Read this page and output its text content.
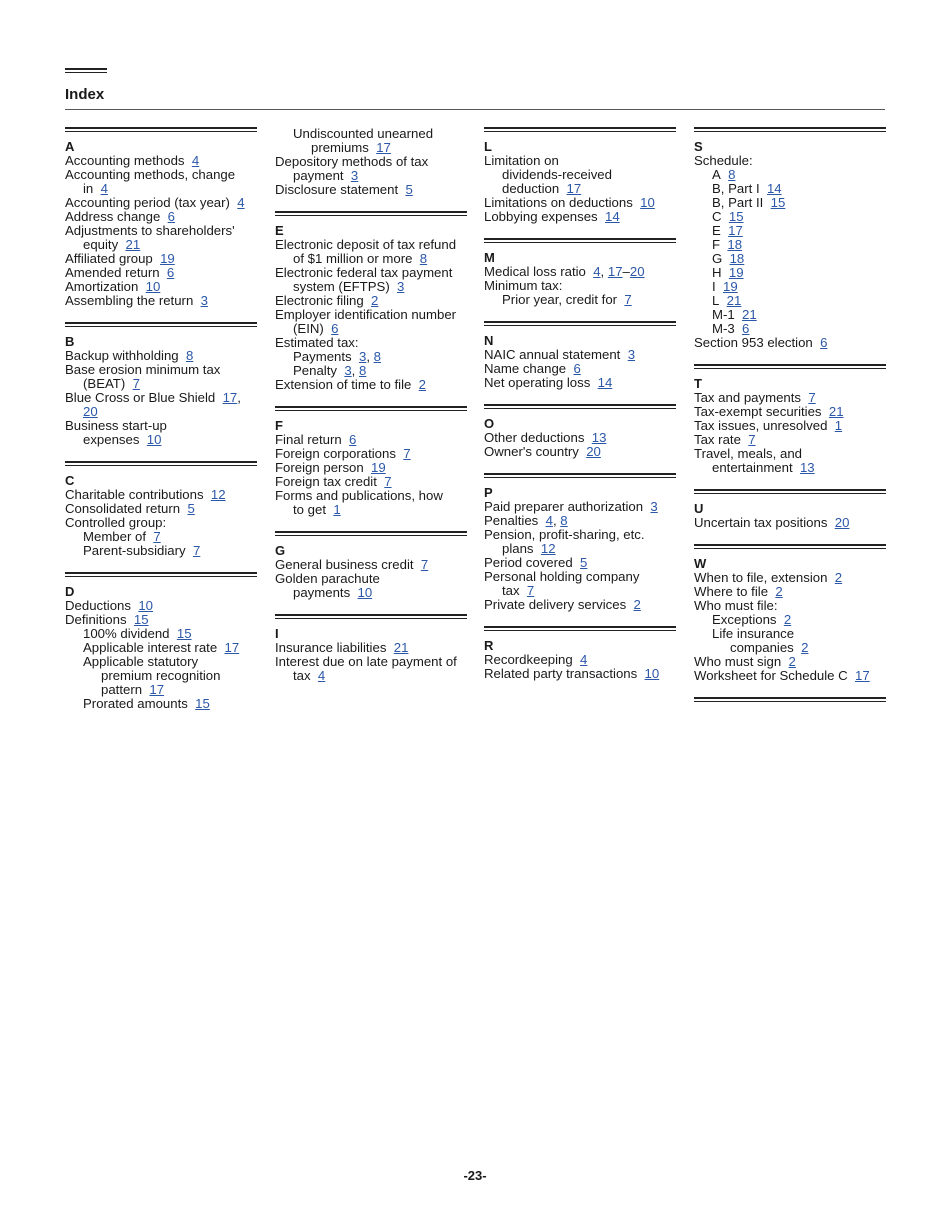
Index
A
Accounting methods 4
Accounting methods, change
in 4
Accounting period (tax year) 4
Address change 6
Adjustments to shareholders'
equity 21
Affiliated group 19
Amended return 6
Amortization 10
Assembling the return 3
B
Backup withholding 8
Base erosion minimum tax
(BEAT) 7
Blue Cross or Blue Shield 17,
20
Business start-up
expenses 10
C
Charitable contributions 12
Consolidated return 5
Controlled group:
Member of 7
Parent-subsidiary 7
D
Deductions 10
Definitions 15
100% dividend 15
Applicable interest rate 17
Applicable statutory
premium recognition
pattern 17
Prorated amounts 15
Undiscounted unearned
premiums 17
Depository methods of tax
payment 3
Disclosure statement 5
E
Electronic deposit of tax refund
of $1 million or more 8
Electronic federal tax payment
system (EFTPS) 3
Electronic filing 2
Employer identification number
(EIN) 6
Estimated tax:
Payments 3, 8
Penalty 3, 8
Extension of time to file 2
F
Final return 6
Foreign corporations 7
Foreign person 19
Foreign tax credit 7
Forms and publications, how
to get 1
G
General business credit 7
Golden parachute
payments 10
I
Insurance liabilities 21
Interest due on late payment of
tax 4
L
Limitation on
dividends-received
deduction 17
Limitations on deductions 10
Lobbying expenses 14
M
Medical loss ratio 4, 17–20
Minimum tax:
Prior year, credit for 7
N
NAIC annual statement 3
Name change 6
Net operating loss 14
O
Other deductions 13
Owner's country 20
P
Paid preparer authorization 3
Penalties 4, 8
Pension, profit-sharing, etc.
plans 12
Period covered 5
Personal holding company
tax 7
Private delivery services 2
R
Recordkeeping 4
Related party transactions 10
S
Schedule:
A 8
B, Part I 14
B, Part II 15
C 15
E 17
F 18
G 18
H 19
I 19
L 21
M-1 21
M-3 6
Section 953 election 6
T
Tax and payments 7
Tax-exempt securities 21
Tax issues, unresolved 1
Tax rate 7
Travel, meals, and
entertainment 13
U
Uncertain tax positions 20
W
When to file, extension 2
Where to file 2
Who must file:
Exceptions 2
Life insurance
companies 2
Who must sign 2
Worksheet for Schedule C 17
-23-
